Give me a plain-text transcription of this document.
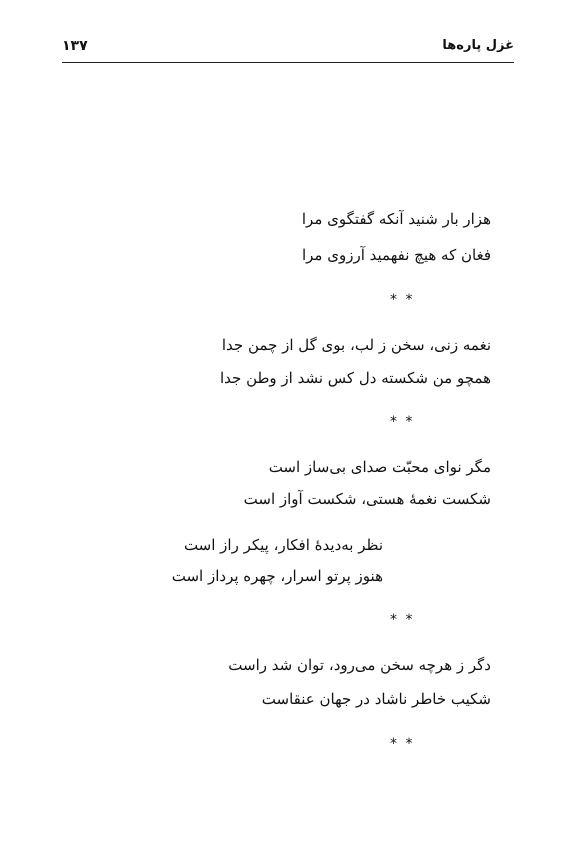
۱۳۷	غزل پاره‌ها
هزار بار شنید آنکه گفتگوی مرا
فغان که هیچ نفهمید آرزوی مرا
* *
نغمه زنی، سخن ز لب، بوی گل از چمن جدا
همچو من شکسته دل کس نشد از وطن جدا
* *
مگر نوای محبّت صدای بی‌ساز است
شکست نغمهٔ هستی، شکست آواز است
نظر به‌دیدهٔ افکار، پیکر راز است
هنوز پرتو اسرار، چهره پرداز است
* *
دگر ز هرچه سخن می‌رود، توان شد راست
شکیب خاطر ناشاد در جهان عنقاست
* *
